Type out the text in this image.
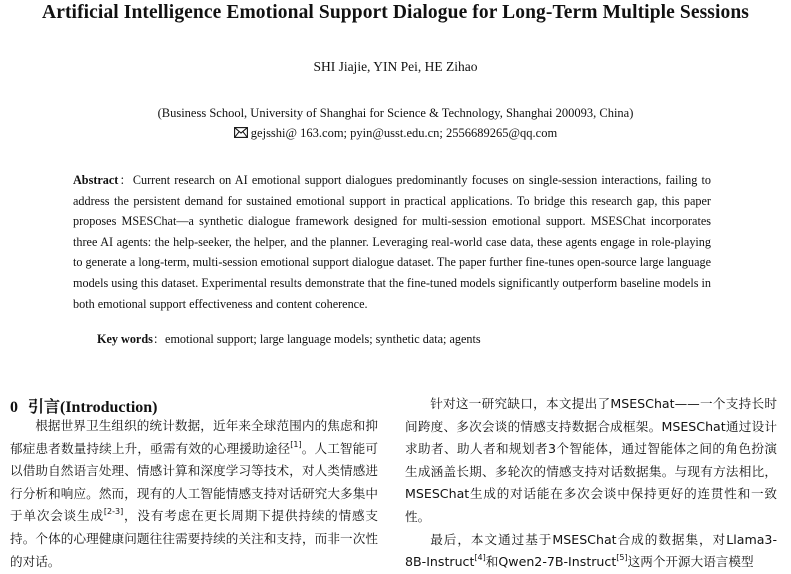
Artificial Intelligence Emotional Support Dialogue for Long-Term Multiple Sessions
SHI Jiajie, YIN Pei, HE Zihao
(Business School, University of Shanghai for Science & Technology, Shanghai 200093, China)
gejsshi@ 163.com; pyin@usst.edu.cn; 2556689265@qq.com
Abstract：Current research on AI emotional support dialogues predominantly focuses on single-session interactions, failing to address the persistent demand for sustained emotional support in practical applications. To bridge this research gap, this paper proposes MSESChat—a synthetic dialogue framework designed for multi-session emotional support. MSESChat incorporates three AI agents: the help-seeker, the helper, and the planner. Leveraging real-world case data, these agents engage in role-playing to generate a long-term, multi-session emotional support dialogue dataset. The paper further fine-tunes open-source large language models using this dataset. Experimental results demonstrate that the fine-tuned models significantly outperform baseline models in both emotional support effectiveness and content coherence.
Key words：emotional support; large language models; synthetic data; agents
0 引言(Introduction)

根据世界卫生组织的统计数据，近年来全球范围内的焦虑和抑郁症患者数量持续上升，亟需有效的心理援助途径[1]。人工智能可以借助自然语言处理、情感计算和深度学习等技术，对人类情感进行分析和响应。然而，现有的人工智能情感支持对话研究大多集中于单次会谈生成[2-3]，没有考虑在更长周期下提供持续的情感支持。个体的心理健康问题往往需要持续的关注和支持，而非一次性的对话。

针对这一研究缺口，本文提出了MSESChat——一个支持长时间跨度、多次会谈的情感支持数据合成框架。MSESChat通过设计求助者、助人者和规划者3个智能体，通过智能体之间的角色扮演生成涵盖长期、多轮次的情感支持对话数据集。与现有方法相比，MSESChat生成的对话能在多次会谈中保持更好的连贯性和一致性。

最后，本文通过基于MSESChat合成的数据集，对Llama3-8B-Instruct[4]和Qwen2-7B-Instruct[5]这两个开源大语言模型
